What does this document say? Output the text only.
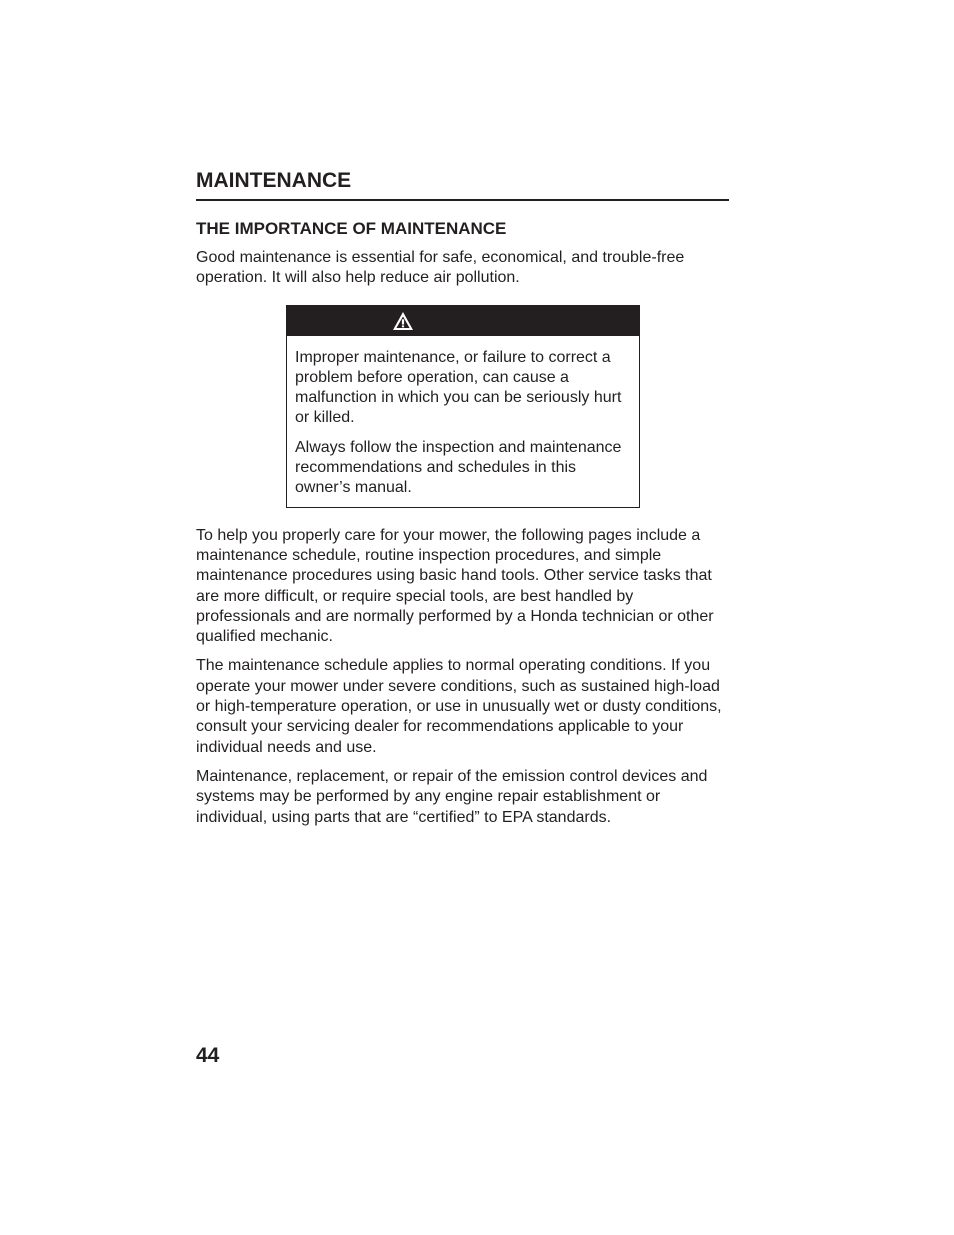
MAINTENANCE
THE IMPORTANCE OF MAINTENANCE

Good maintenance is essential for safe, economical, and trouble-free operation. It will also help reduce air pollution.

Improper maintenance, or failure to correct a problem before operation, can cause a malfunction in which you can be seriously hurt or killed.

Always follow the inspection and maintenance recommendations and schedules in this owner’s manual.

To help you properly care for your mower, the following pages include a maintenance schedule, routine inspection procedures, and simple maintenance procedures using basic hand tools. Other service tasks that are more difficult, or require special tools, are best handled by professionals and are normally performed by a Honda technician or other qualified mechanic.

The maintenance schedule applies to normal operating conditions. If you operate your mower under severe conditions, such as sustained high-load or high-temperature operation, or use in unusually wet or dusty conditions, consult your servicing dealer for recommendations applicable to your individual needs and use.

Maintenance, replacement, or repair of the emission control devices and systems may be performed by any engine repair establishment or individual, using parts that are “certified” to EPA standards.

44
